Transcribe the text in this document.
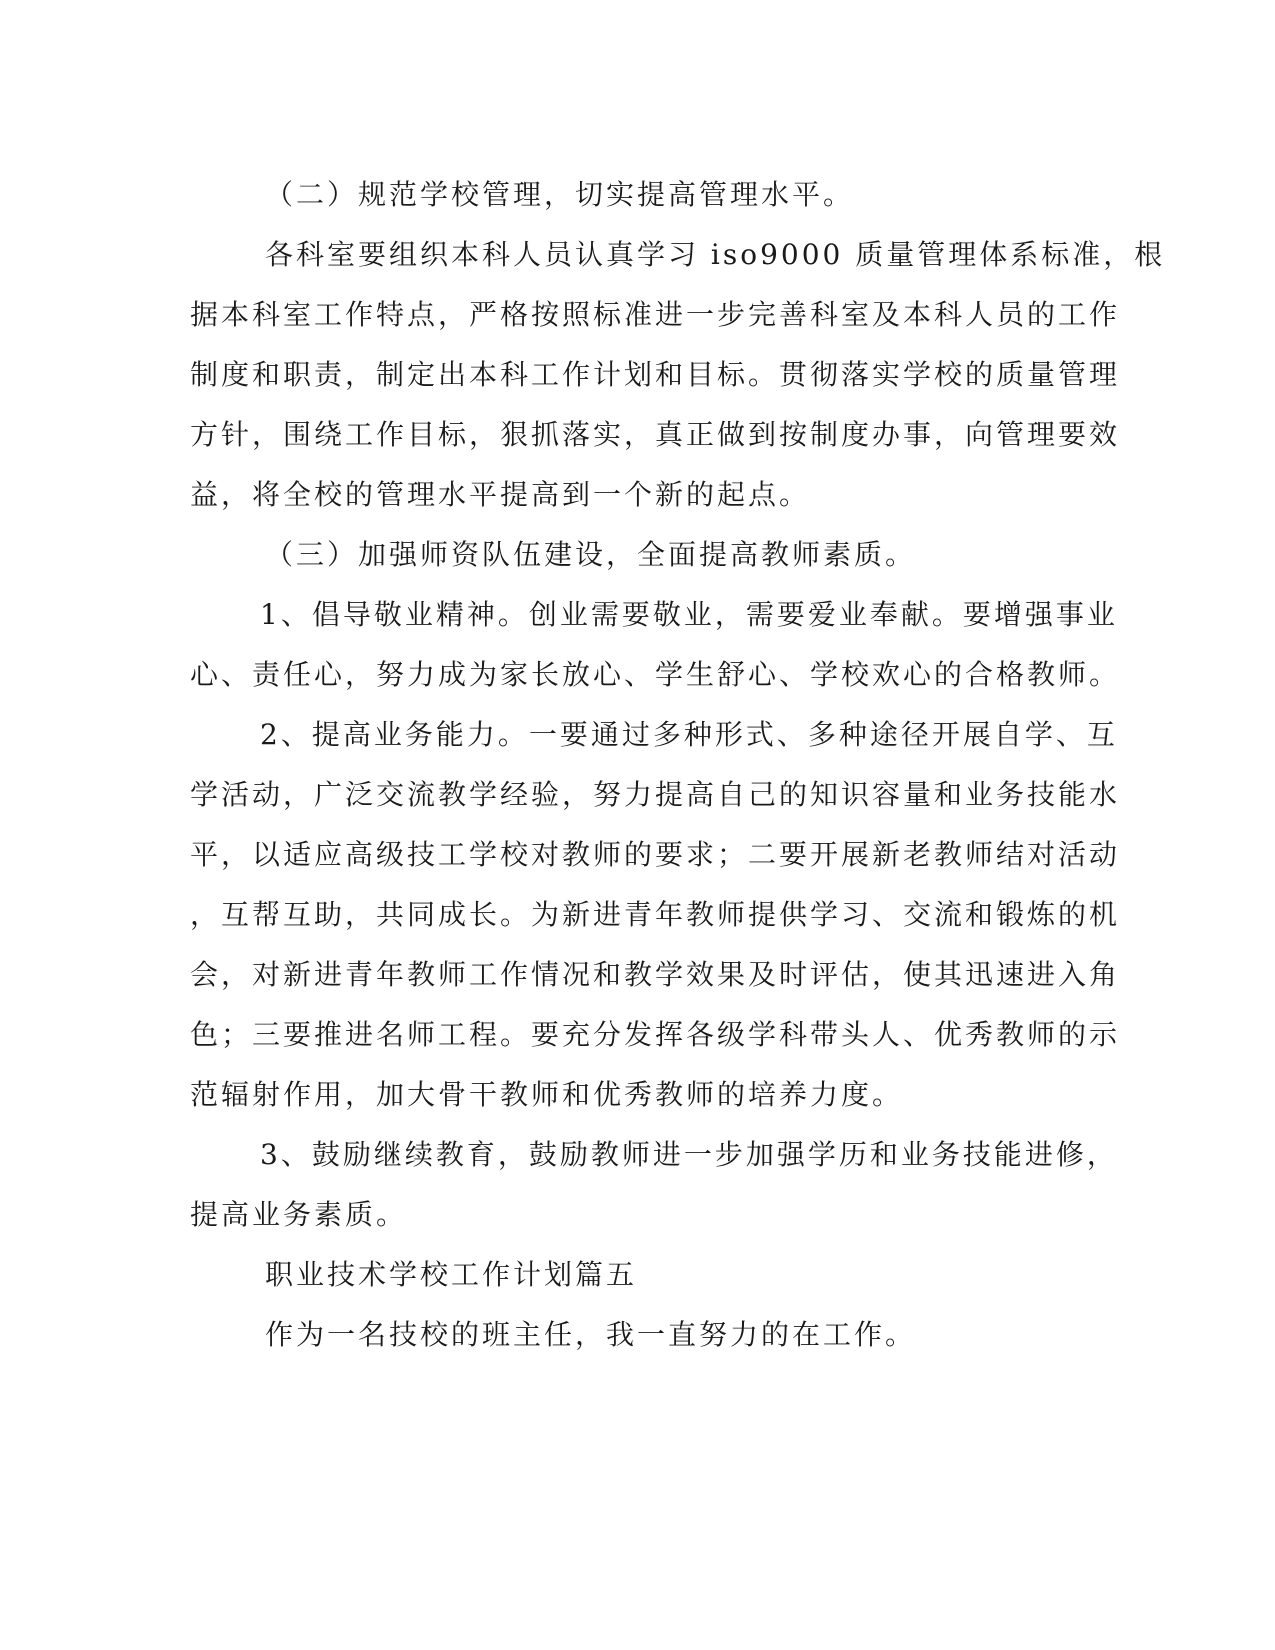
（二）规范学校管理，切实提高管理水平。
各科室要组织本科人员认真学习 iso9000 质量管理体系标准，根
据本科室工作特点，严格按照标准进一步完善科室及本科人员的工作
制度和职责，制定出本科工作计划和目标。贯彻落实学校的质量管理
方针，围绕工作目标，狠抓落实，真正做到按制度办事，向管理要效
益，将全校的管理水平提高到一个新的起点。
（三）加强师资队伍建设，全面提高教师素质。
1、倡导敬业精神。创业需要敬业，需要爱业奉献。要增强事业
心、责任心，努力成为家长放心、学生舒心、学校欢心的合格教师。
2、提高业务能力。一要通过多种形式、多种途径开展自学、互
学活动，广泛交流教学经验，努力提高自己的知识容量和业务技能水
平，以适应高级技工学校对教师的要求；二要开展新老教师结对活动
，互帮互助，共同成长。为新进青年教师提供学习、交流和锻炼的机
会，对新进青年教师工作情况和教学效果及时评估，使其迅速进入角
色；三要推进名师工程。要充分发挥各级学科带头人、优秀教师的示
范辐射作用，加大骨干教师和优秀教师的培养力度。
3、鼓励继续教育，鼓励教师进一步加强学历和业务技能进修，
提高业务素质。
职业技术学校工作计划篇五
作为一名技校的班主任，我一直努力的在工作。
